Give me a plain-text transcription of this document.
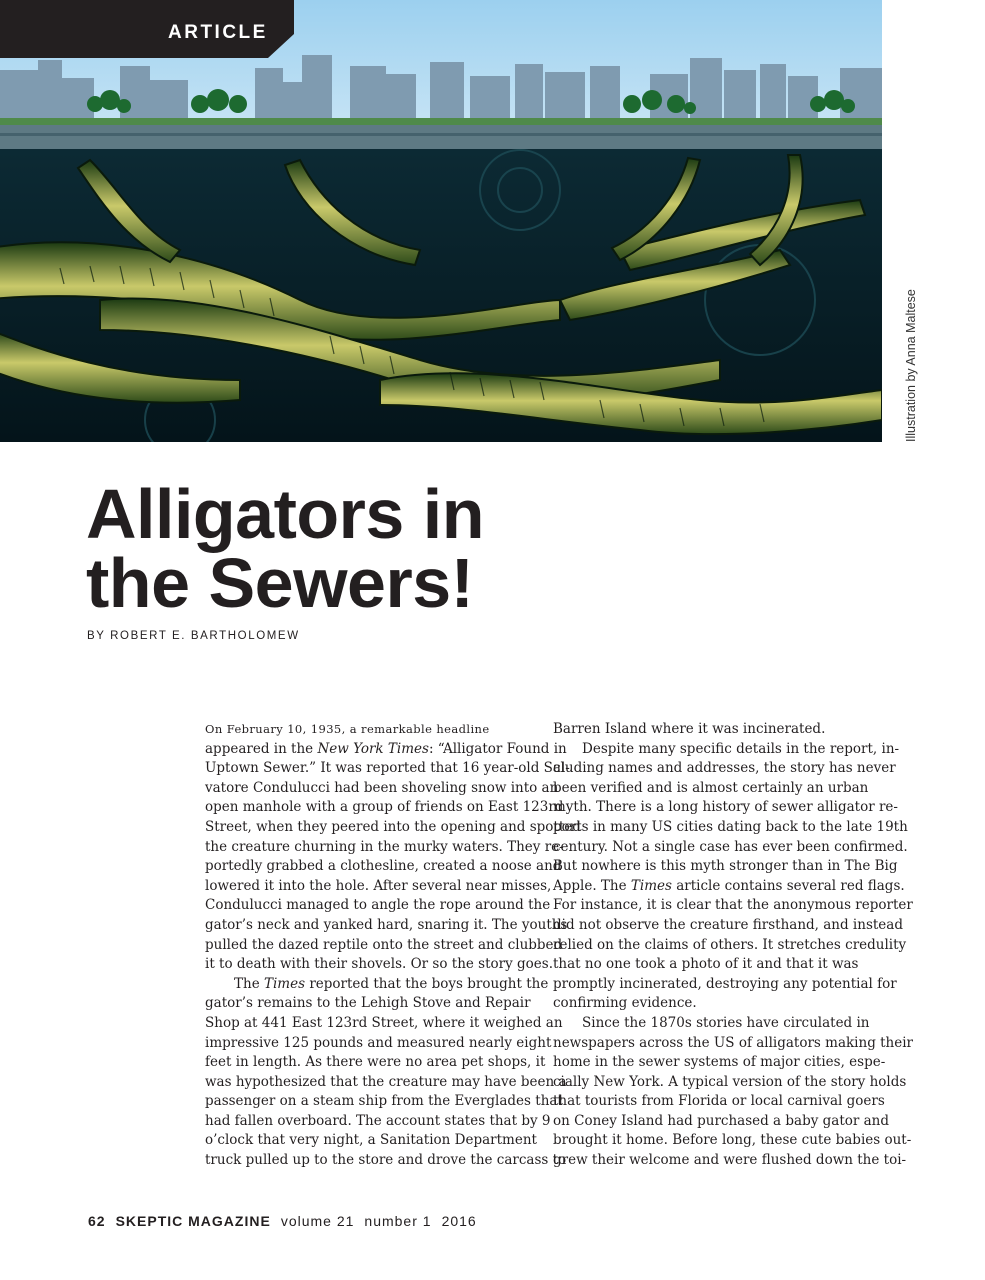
ARTICLE
Illustration by Anna Maltese
Alligators in
the Sewers!
BY ROBERT E. BARTHOLOMEW
On February 10, 1935, a remarkable headline
appeared in the New York Times: “Alligator Found in
Uptown Sewer.” It was reported that 16 year-old Sal-
vatore Condulucci had been shoveling snow into an
open manhole with a group of friends on East 123rd
Street, when they peered into the opening and spotted
the creature churning in the murky waters. They re-
portedly grabbed a clothesline, created a noose and
lowered it into the hole. After several near misses,
Condulucci managed to angle the rope around the
gator’s neck and yanked hard, snaring it. The youths
pulled the dazed reptile onto the street and clubbed
it to death with their shovels. Or so the story goes.
The Times reported that the boys brought the
gator’s remains to the Lehigh Stove and Repair
Shop at 441 East 123rd Street, where it weighed an
impressive 125 pounds and measured nearly eight
feet in length. As there were no area pet shops, it
was hypothesized that the creature may have been a
passenger on a steam ship from the Everglades that
had fallen overboard. The account states that by 9
o’clock that very night, a Sanitation Department
truck pulled up to the store and drove the carcass to
Barren Island where it was incinerated.
Despite many specific details in the report, in-
cluding names and addresses, the story has never
been verified and is almost certainly an urban
myth. There is a long history of sewer alligator re-
ports in many US cities dating back to the late 19th
century. Not a single case has ever been confirmed.
But nowhere is this myth stronger than in The Big
Apple. The Times article contains several red flags.
For instance, it is clear that the anonymous reporter
did not observe the creature firsthand, and instead
relied on the claims of others. It stretches credulity
that no one took a photo of it and that it was
promptly incinerated, destroying any potential for
confirming evidence.
Since the 1870s stories have circulated in
newspapers across the US of alligators making their
home in the sewer systems of major cities, espe-
cially New York. A typical version of the story holds
that tourists from Florida or local carnival goers
on Coney Island had purchased a baby gator and
brought it home. Before long, these cute babies out-
grew their welcome and were flushed down the toi-
62 SKEPTIC MAGAZINE volume 21 number 1 2016
